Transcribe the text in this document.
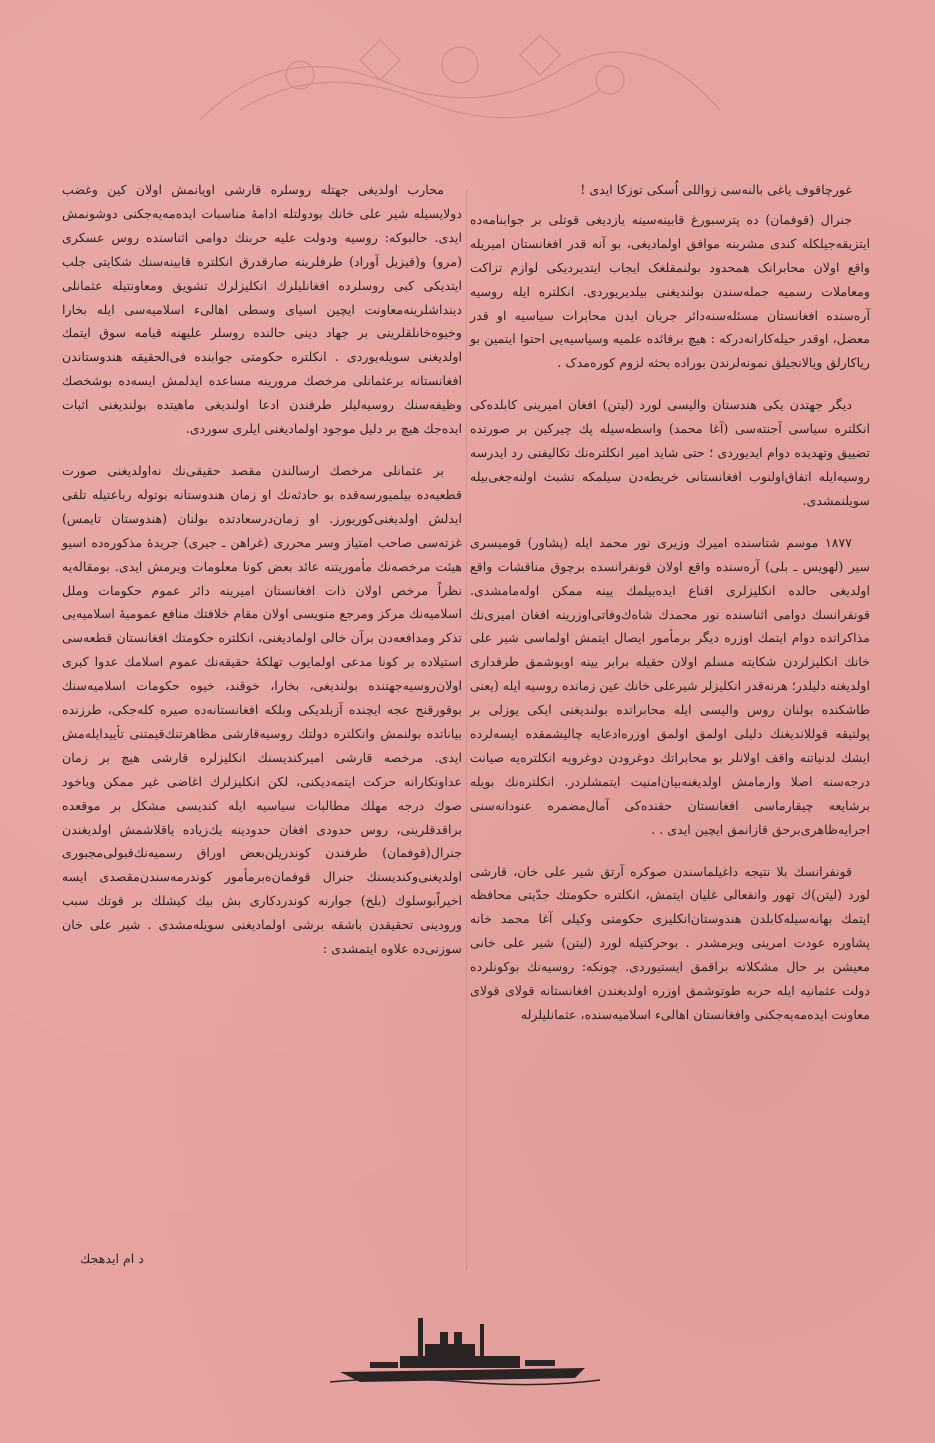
غورچاقوف یاغی بالنه‌سی زواللی اُسکی توزکا ایدی !

جنرال (قوفمان) ده پترسبورغ قابینه‌سینه یازدیغی قوتلی بر جوابنامه‌ده ایتزیقه‌جیلکله کندی مشربنه موافق اولمادیغی، بو آنه قدر افغانستان امیریله واقع اولان محابرانک همحدود بولنمقلغک ایجاب ایتدیردیکی لوازم تزاکت ومعاملات رسمیه جمله‌سندن بولندیغنی بیلدیریوردی. انکلتره ایله روسیه آره‌سنده افغانستان مسئله‌سنه‌دائر جریان ایدن محابرات سیاسیه او قدر معضل، اوقدر حیله‌کارانه‌درکه : هیچ برفائده علمیه وسیاسیه‌یی احتوا ایتمین بو ریاکارلق ویالانجیلق نمونه‌لرندن بوراده بحثه لزوم کوره‌مدک .

دیگر جهتدن یکی هندستان والیسی لورد (لیتن) افغان امیرینی کابلده‌کی انکلتره سیاسی آجنته‌سی (آغا محمد) واسطه‌سیله پك چیرکین بر صورتده تضییق وتهدیده دوام ایدیوردی ؛ حتی شاید امیر انکلتره‌نك تکالیفنی رد ایدرسه روسیه‌ایله اتفاق‌اولنوب افغانستانی خریطه‌دن سیلمکه تشبث اولنه‌جغی‌بیله سویلنمشدی.

۱۸۷۷ موسم شتاسنده امیرك وزیری نور محمد ایله (پشاور) قومیسری سیر (لهویس ـ بلی) آره‌سنده واقع اولان قونفرانسده برچوق مناقشات واقع اولدیغی حالده انکلیزلری اقناع ایده‌بیلمك یینه ممکن اوله‌مامشدی. قونفرانسك دوامی اثناسنده نور محمدك شاه‌ك‌وفاتی‌اوزرینه افغان امیری‌نك مذاکراتده دوام ایتمك اوزره دیگر برمأمور ایصال ایتمش اولماسی شیر علی خانك انکلیزلردن شکایته مسلم اولان حقیله برابر یینه اوبوشمق طرفداری اولدیغنه دلیلدر؛ هرنه‌قدر انکلیزلر شیرعلی خانك عین زمانده روسیه ایله (یعنی طاشکنده بولنان روس والیسی ایله محابراتده بولندیغنی ایکی یوزلی بر پولتیقه قوللاندیغنك دلیلی اولمق اولمق اوزره‌ادعایه چالیشمقده ایسه‌لرده ایشك لدنیاتنه واقف اولانلر بو محابراتك دوغرودن دوغرویه انکلتره‌یه صیانت درجه‌سنه اصلا وارمامش اولدیغنه‌بیان‌امنیت ایتمشلردر. انکلتره‌نك بویله برشایعه چیقارماسی افغانستان حقنده‌کی آمال‌مضمره عنودانه‌سنی اجرا‌یه‌ظاهری‌برحق قازانمق ایچین ایدی . .

قونفرانسك بلا نتیجه داغیلماسندن صوکره آرتق شیر علی خان، قارشی لورد (لیتن)ك تهور وانفعالی غلیان ایتمش، انکلتره حکومتك جدّیتی محافظه ایتمك بهانه‌سیله‌کابلدن هندوستان‌انکلیزی حکومتی وکیلی آغا محمد خانه پشاوره عودت امرینی ویرمشدر . بوحرکتیله لورد (لیتن) شیر علی خانی معیشن بر حال مشکلاته براقمق ایستیوردی. چونکه: روسیه‌نك بوکونلرده دولت عثمانیه ایله حربه طوتوشمق اوزره اولدیغندن افغانستانه قولای قولای معاونت ایده‌مه‌یه‌جکنی وافغانستان اهالیء اسلامیه‌سنده، عثمانلیلرله

محارب اولدیغی جهتله روسلره قارشی اویانمش اولان کین وغضب دولایسیله شیر علی خانك بودولتله ادامهٔ مناسبات ایده‌مه‌یه‌جکنی دوشونمش ایدی. حالبوکه: روسیه ودولت علیه حربنك دوامی اثناسنده روس عسکری (مرو) و(قیزیل آوراد) طرفلرینه صارقدرق انکلتره قابینه‌سنك شکایتی جلب ایتدیکی کبی روسلرده افغانلیلرك انکلیزلرك تشویق ومعاونتیله عثمانلی دیندا‌شلرینه‌معاونت ایچین اسیای وسطی اهالیء اسلامیه‌سی ایله بخارا وخیوه‌خانلقلرینی بر جهاد دینی حالنده روسلر علیهنه قیامه سوق ایتمك اولدیغنی سویله‌یوردی . انکلتره حکومتی جوابنده فی‌الحقیقه هندوستاندن افغانستانه برعثمانلی مرخصك مرورینه مساعده ایدلمش ایسه‌ده بوشخصك وظیفه‌سنك روسیه‌لیلر طرفندن ادعا اولندیغی ماهیتده بولندیغنی اثبات ایده‌جك هیچ بر دلیل موجود اولمادیغنی ایلری سوردی.

بر عثمانلی مرخصك ارسالندن مقصد حقیقی‌نك نه‌اولدیغنی صورت قطعیه‌ده بیلمیورسه‌قده بو حادثه‌نك او زمان هندوستانه بوتوله رباعتیله تلقی ایدلش اولدیغنی‌کوریورز. او زمان‌درسعادتده بولنان (هندوستان تایمس) غزته‌سی صاحب امتیاز وسر محرری (غراهن ـ جیری) جریدهٔ مذکوره‌ده اسیو هیئت مرخصه‌نك مأموریتنه عائد بعض کونا معلومات ویرمش ایدی. بومقاله‌یه نظراً مرخص اولان ذات افغانستان امیرینه دائر عموم حکومات وملل اسلامیه‌نك مرکز ومرجع منویسی اولان مقام خلافتك منافع عمومیهٔ اسلامیه‌یی تذکر ومدافعه‌دن برآن خالی اولمادیغنی، انکلتره حکومتك افغانستان قطعه‌سی استیلاده بر کونا مدعی اولمایوب تهلکهٔ حقیقه‌نك عموم اسلامك عدوا کبری اولان‌روسیه‌جهتنده بولندیغی، بخارا، خوقند، خیوه حکومات اسلامیه‌سنك بوقورقنج عجه ایچنده آزبلدیکی وبلکه افغانستانه‌ده صیره کله‌جکی، طرزنده بیاناتده بولنمش وانکلتره دولتك روسیه‌قارشی مظاهرتنك‌قیمتنی تأییدایله‌مش ایدی. مرخصه قارشی امیرکندیسنك انکلیزلره قارشی هیچ بر زمان عداونکارانه حرکت ایتمه‌دیکنی، لکن انکلیزلرك اغاضی غیر ممکن ویاخود صوك درجه مهلك مطالبات سیاسیه ایله کندیسی مشکل بر موقعده براقدقلرینی، روس حدودی افغان حدودینه یك‌زیاده یاقلاشمش اولدیغندن جنرال(قوفمان) طرفندن کوندریلن‌بعض اوراق رسمیه‌نك‌قبولی‌مجبوری اولدیغنی‌وکندیسنك جنرال قوفمان‌ه‌برمأمور کوندرمه‌سندن‌مقصدی ایسه اخیراً‌بوسلوك (بلخ) جوارنه کوندردکاری بش بیك کیشلك بر قوتك سبب ورودینی تحقیقدن باشقه برشی اولمادیغنی سویله‌مشدی . شیر علی خان سوزنی‌ده علاوه ایتمشدی :

د ام ایدهجك
